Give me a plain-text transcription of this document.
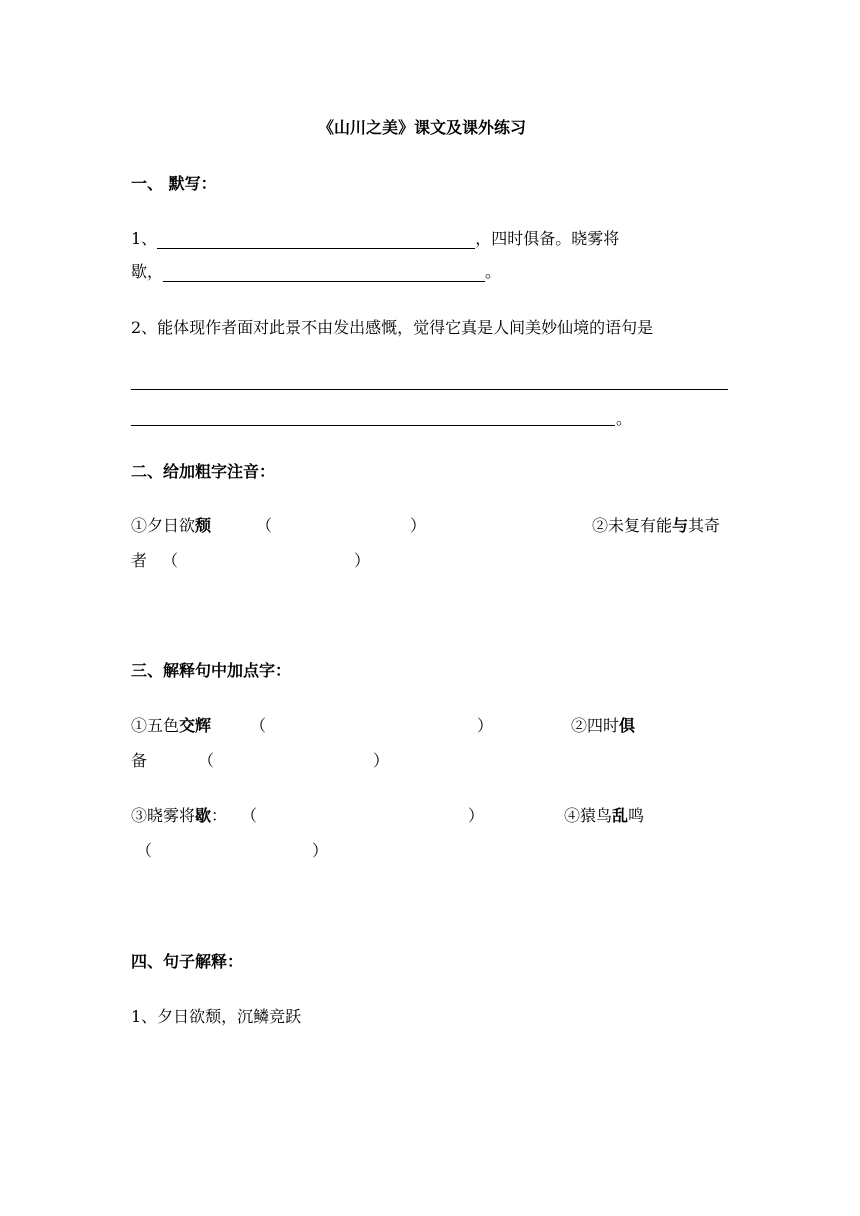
《山川之美》课文及课外练习
一、 默写：
1、	，四时俱备。晓雾将
歇，	。
2、能体现作者面对此景不由发出感慨，觉得它真是人间美妙仙境的语句是
。
二、给加粗字注音：
①夕日欲颓	（	）	②未复有能与其奇
者 （	）
三、解释句中加点字：
①五色交辉 （	）	②四时俱
备	（	）
③晓雾将歇： （	）	④猿鸟乱鸣
（	）
四、句子解释：
1、夕日欲颓，沉鳞竞跃
